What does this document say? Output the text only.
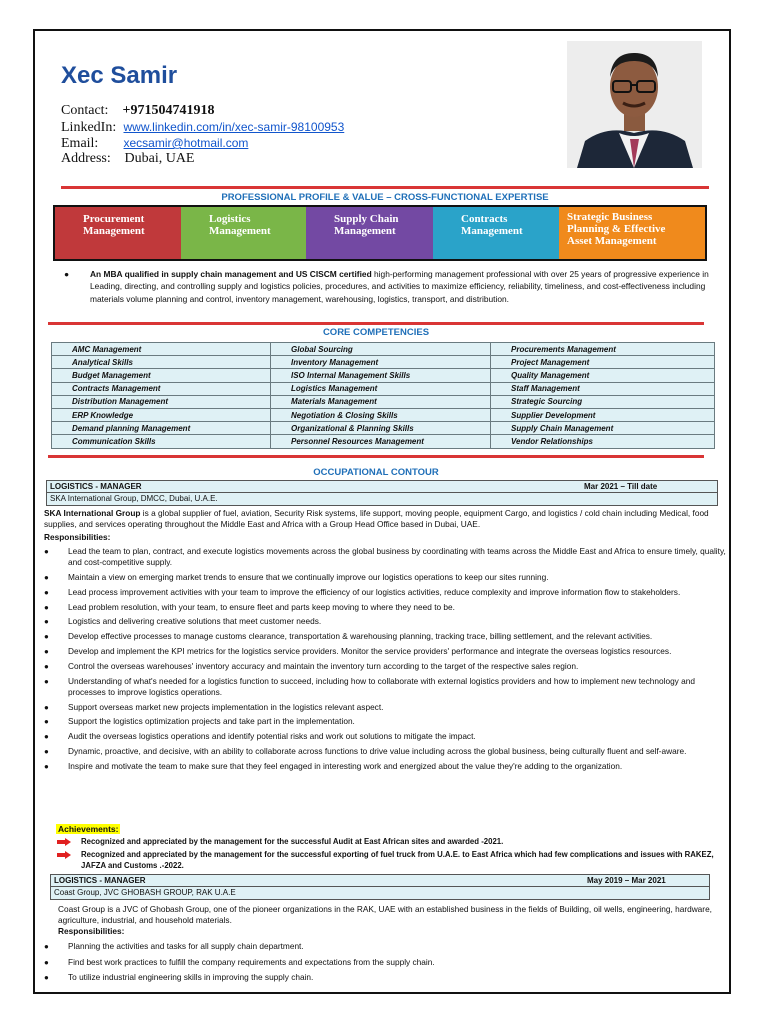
Xec Samir
Contact: +971504741918
LinkedIn: www.linkedin.com/in/xec-samir-98100953
Email: xecsamir@hotmail.com
Address: Dubai, UAE
PROFESSIONAL PROFILE & VALUE – CROSS-FUNCTIONAL EXPERTISE
Procurement
Management
Logistics
Management
Supply Chain
Management
Contracts
Management
Strategic Business
Planning & Effective
Asset Management
●	An MBA qualified in supply chain management and US CISCM certified high-performing management professional with over 25 years of progressive experience in Leading, directing, and controlling supply and logistics policies, procedures, and activities to maximize efficiency, reliability, timeliness, and cost-effectiveness including materials volume planning and control, inventory management, warehousing, logistics, transport, and distribution.
CORE COMPETENCIES
AMC Management	Global Sourcing	Procurements Management
Analytical Skills	Inventory Management	Project Management
Budget Management	ISO Internal Management Skills	Quality Management
Contracts Management	Logistics Management	Staff Management
Distribution Management	Materials Management	Strategic Sourcing
ERP Knowledge	Negotiation & Closing Skills	Supplier Development
Demand planning Management	Organizational & Planning Skills	Supply Chain Management
Communication Skills	Personnel Resources Management	Vendor Relationships
OCCUPATIONAL CONTOUR
LOGISTICS - MANAGER	Mar 2021 – Till date
SKA International Group, DMCC, Dubai, U.A.E.
SKA International Group is a global supplier of fuel, aviation, Security Risk systems, life support, moving people, equipment Cargo, and logistics / cold chain including Medical, food supplies, and services operating throughout the Middle East and Africa with a Group Head Office based in Dubai, UAE.
Responsibilities:
● Lead the team to plan, contract, and execute logistics movements across the global business by coordinating with teams across the Middle East and Africa to ensure timely, quality, and cost-competitive supply.
● Maintain a view on emerging market trends to ensure that we continually improve our logistics operations to keep our sites running.
● Lead process improvement activities with your team to improve the efficiency of our logistics activities, reduce complexity and improve information flow to stakeholders.
● Lead problem resolution, with your team, to ensure fleet and parts keep moving to where they need to be.
● Logistics and delivering creative solutions that meet customer needs.
● Develop effective processes to manage customs clearance, transportation & warehousing planning, tracking trace, billing settlement, and the relevant activities.
● Develop and implement the KPI metrics for the logistics service providers. Monitor the service providers' performance and integrate the overseas logistics resources.
● Control the overseas warehouses' inventory accuracy and maintain the inventory turn according to the target of the respective sales region.
● Understanding of what's needed for a logistics function to succeed, including how to collaborate with external logistics providers and how to implement new technology and processes to improve logistics operations.
● Support overseas market new projects implementation in the logistics relevant aspect.
● Support the logistics optimization projects and take part in the implementation.
● Audit the overseas logistics operations and identify potential risks and work out solutions to mitigate the impact.
● Dynamic, proactive, and decisive, with an ability to collaborate across functions to drive value including across the global business, being culturally fluent and self-aware.
● Inspire and motivate the team to make sure that they feel engaged in interesting work and energized about the value they're adding to the organization.
Achievements:
Recognized and appreciated by the management for the successful Audit at East African sites and awarded -2021.
Recognized and appreciated by the management for the successful exporting of fuel truck from U.A.E. to East Africa which had few complications and issues with RAKEZ, JAFZA and Customs .-2022.
LOGISTICS - MANAGER	May 2019 – Mar 2021
Coast Group, JVC GHOBASH GROUP, RAK U.A.E
Coast Group is a JVC of Ghobash Group, one of the pioneer organizations in the RAK, UAE with an established business in the fields of Building, oil wells, engineering, hardware, agriculture, industrial, and household materials.
Responsibilities:
● Planning the activities and tasks for all supply chain department.
● Find best work practices to fulfill the company requirements and expectations from the supply chain.
● To utilize industrial engineering skills in improving the supply chain.
